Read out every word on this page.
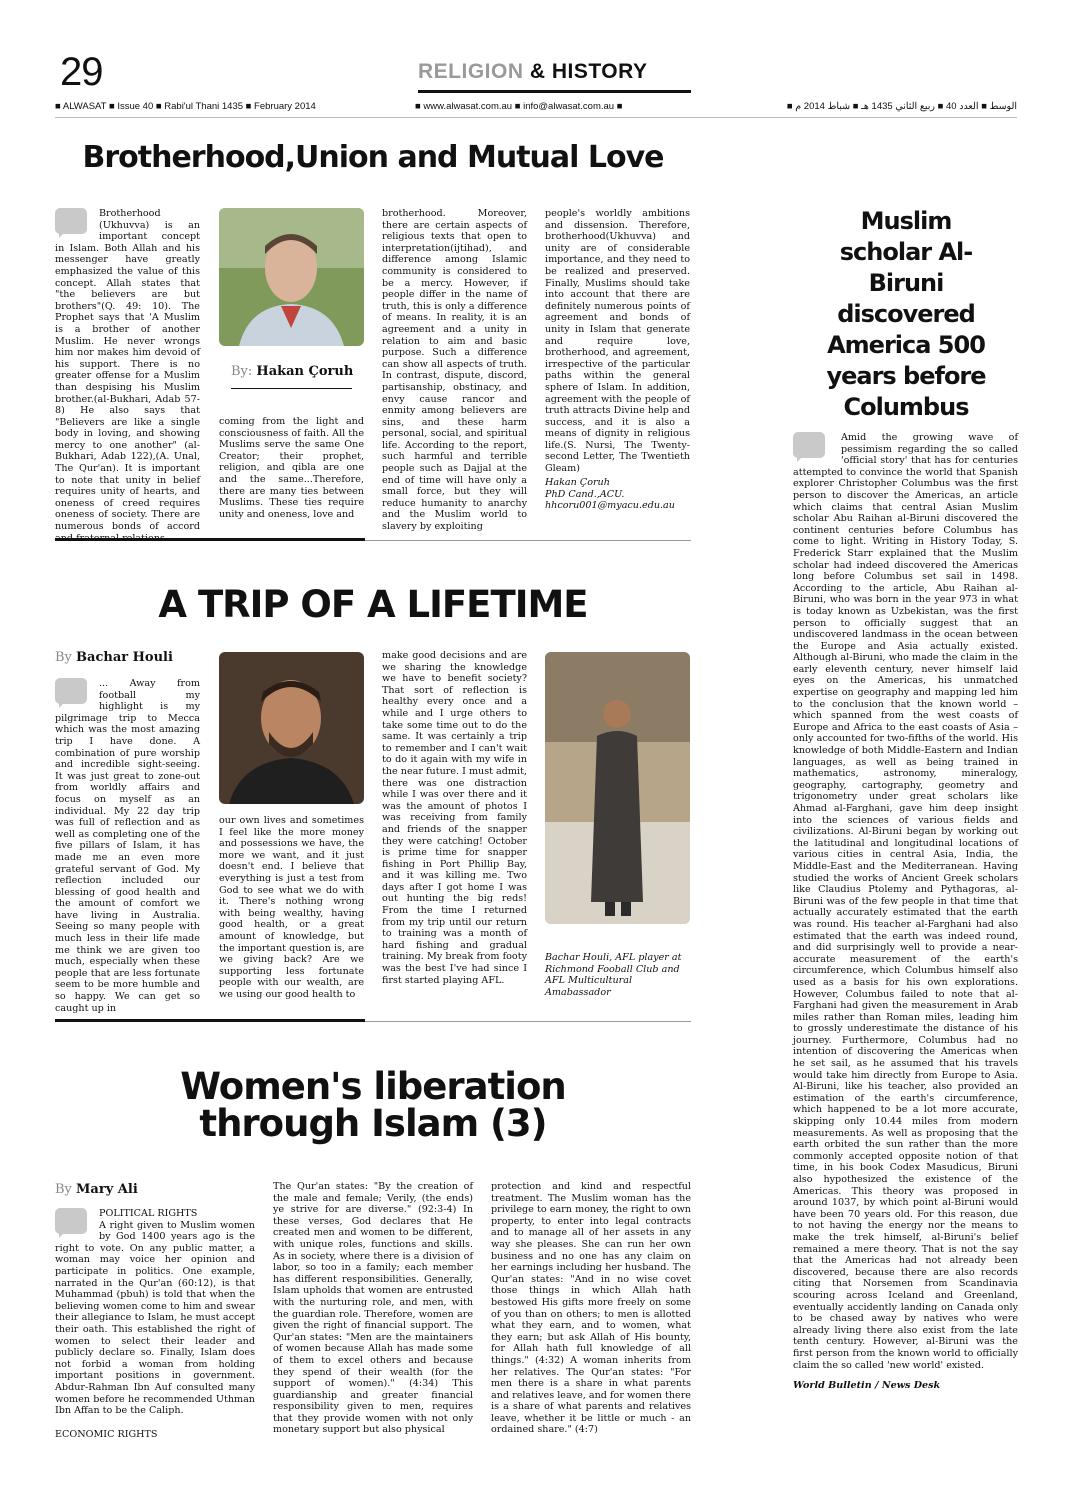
29	RELIGION & HISTORY
■ ALWASAT ■ Issue 40 ■ Rabi'ul Thani 1435 ■ February 2014	■ www.alwasat.com.au ■ info@alwasat.com.au ■	الوسط ■ العدد 40 ■ ربيع الثاني 1435 هـ ■ شباط 2014 م ■
Brotherhood,Union and Mutual Love

Brotherhood (Ukhuvva) is an important concept in Islam. Both Allah and his messenger have greatly emphasized the value of this concept. Allah states that "the believers are but brothers"(Q. 49: 10). The Prophet says that 'A Muslim is a brother of another Muslim. He never wrongs him nor makes him devoid of his support. There is no greater offense for a Muslim than despising his Muslim brother.(al-Bukhari, Adab 57-8) He also says that "Believers are like a single body in loving, and showing mercy to one another" (al-Bukhari, Adab 122),(A. Unal, The Qur'an). It is important to note that unity in belief requires unity of hearts, and oneness of creed requires oneness of society. There are numerous bonds of accord

By: Hakan Çoruh
coming from the light and consciousness of faith. All the Muslims serve the same One Creator; their prophet, religion, and qibla are one and the same...Therefore, there are many ties between Muslims. These ties require unity and oneness, love and
brotherhood. Moreover, there are certain aspects of religious texts that open to interpretation(ijtihad), and difference among Islamic community is considered to be a mercy. However, if people differ in the name of truth, this is only a difference of means. In reality, it is an agreement and a unity in relation to aim and basic purpose. Such a difference can show all aspects of truth. In contrast, dispute, discord, partisanship, obstinacy, and envy cause rancor and enmity among believers are sins, and these harm personal, social, and spiritual life. According to the report, such harmful and terrible people such as Dajjal at the end of time will have only a small force, but they will reduce humanity to anarchy and the Muslim world to slavery by exploiting
people's worldly ambitions and dissension. Therefore, brotherhood(Ukhuvva) and unity are of considerable importance, and they need to be realized and preserved. Finally, Muslims should take into account that there are definitely numerous points of agreement and bonds of unity in Islam that generate and require love, brotherhood, and agreement, irrespective of the particular paths within the general sphere of Islam. In addition, agreement with the people of truth attracts Divine help and success, and it is also a means of dignity in religious life.(S. Nursi, The Twenty-second Letter, The Twentieth Gleam)
Hakan Çoruh
PhD Cand.,ACU.
hhcoru001@myacu.edu.au
A TRIP OF A LIFETIME
By Bachar Houli

... Away from football my highlight is my pilgrimage trip to Mecca which was the most amazing trip I have done. A combination of pure worship and incredible sight-seeing. It was just great to zone-out from worldly affairs and focus on myself as an individual. My 22 day trip was full of reflection and as well as completing one of the five pillars of Islam, it has made me an even more grateful servant of God. My reflection included our blessing of good health and the amount of comfort we have living in Australia. Seeing so many people with much less in their life made me think we are given too much, especially when these people that are less fortunate seem to be more humble and so happy. We can get so caught up in

our own lives and sometimes I feel like the more money and possessions we have, the more we want, and it just doesn't end. I believe that everything is just a test from God to see what we do with it. There's nothing wrong with being wealthy, having good health, or a great amount of knowledge, but the important question is, are we giving back? Are we supporting less fortunate people with our wealth, are we using our good health to
make good decisions and are we sharing the knowledge we have to benefit society? That sort of reflection is healthy every once and a while and I urge others to take some time out to do the same. It was certainly a trip to remember and I can't wait to do it again with my wife in the near future. I must admit, there was one distraction while I was over there and it was the amount of photos I was receiving from family and friends of the snapper they were catching! October is prime time for snapper fishing in Port Phillip Bay, and it was killing me. Two days after I got home I was out hunting the big reds! From the time I returned from my trip until our return to training was a month of hard fishing and gradual training. My break from footy was the best I've had since I first started playing AFL.
Bachar Houli, AFL player at Richmond Fooball Club and AFL Multicultural Amabassador
Women's liberation
through Islam (3)
By Mary Ali
POLITICAL RIGHTS

A right given to Muslim women by God 1400 years ago is the right to vote. On any public matter, a woman may voice her opinion and participate in politics. One example, narrated in the Qur'an (60:12), is that Muhammad (pbuh) is told that when the believing women come to him and swear their allegiance to Islam, he must accept their oath. This established the right of women to select their leader and publicly declare so. Finally, Islam does not forbid a woman from holding important positions in government. Abdur-Rahman Ibn Auf consulted many women before he recommended Uthman Ibn Affan to be the Caliph.

ECONOMIC RIGHTS
The Qur'an states: "By the creation of the male and female; Verily, (the ends) ye strive for are diverse." (92:3-4) In these verses, God declares that He created men and women to be different, with unique roles, functions and skills. As in society, where there is a division of labor, so too in a family; each member has different responsibilities. Generally, Islam upholds that women are entrusted with the nurturing role, and men, with the guardian role. Therefore, women are given the right of financial support. The Qur'an states: "Men are the maintainers of women because Allah has made some of them to excel others and because they spend of their wealth (for the support of women)." (4:34) This guardianship and greater financial responsibility given to men, requires that they provide women with not only monetary support but also physical
protection and kind and respectful treatment. The Muslim woman has the privilege to earn money, the right to own property, to enter into legal contracts and to manage all of her assets in any way she pleases. She can run her own business and no one has any claim on her earnings including her husband. The Qur'an states: "And in no wise covet those things in which Allah hath bestowed His gifts more freely on some of you than on others; to men is allotted what they earn, and to women, what they earn; but ask Allah of His bounty, for Allah hath full knowledge of all things." (4:32) A woman inherits from her relatives. The Qur'an states: "For men there is a share in what parents and relatives leave, and for women there is a share of what parents and relatives leave, whether it be little or much - an ordained share." (4:7)
Muslim scholar Al-Biruni discovered America 500 years before Columbus

Amid the growing wave of pessimism regarding the so called 'official story' that has for centuries attempted to convince the world that Spanish explorer Christopher Columbus was the first person to discover the Americas, an article which claims that central Asian Muslim scholar Abu Raihan al-Biruni discovered the continent centuries before Columbus has come to light. Writing in History Today, S. Frederick Starr explained that the Muslim scholar had indeed discovered the Americas long before Columbus set sail in 1498. According to the article, Abu Raihan al-Biruni, who was born in the year 973 in what is today known as Uzbekistan, was the first person to officially suggest that an undiscovered landmass in the ocean between the Europe and Asia actually existed. Although al-Biruni, who made the claim in the early eleventh century, never himself laid eyes on the Americas, his unmatched expertise on geography and mapping led him to the conclusion that the known world – which spanned from the west coasts of Europe and Africa to the east coasts of Asia – only accounted for two-fifths of the world. His knowledge of both Middle-Eastern and Indian languages, as well as being trained in mathematics, astronomy, mineralogy, geography, cartography, geometry and trigonometry under great scholars like Ahmad al-Farghani, gave him deep insight into the sciences of various fields and civilizations. Al-Biruni began by working out the latitudinal and longitudinal locations of various cities in central Asia, India, the Middle-East and the Mediterranean. Having studied the works of Ancient Greek scholars like Claudius Ptolemy and Pythagoras, al-Biruni was of the few people in that time that actually accurately estimated that the earth was round. His teacher al-Farghani had also estimated that the earth was indeed round, and did surprisingly well to provide a near-accurate measurement of the earth's circumference, which Columbus himself also used as a basis for his own explorations. However, Columbus failed to note that al-Farghani had given the measurement in Arab miles rather than Roman miles, leading him to grossly underestimate the distance of his journey. Furthermore, Columbus had no intention of discovering the Americas when he set sail, as he assumed that his travels would take him directly from Europe to Asia. Al-Biruni, like his teacher, also provided an estimation of the earth's circumference, which happened to be a lot more accurate, skipping only 10.44 miles from modern measurements. As well as proposing that the earth orbited the sun rather than the more commonly accepted opposite notion of that time, in his book Codex Masudicus, Biruni also hypothesized the existence of the Americas. This theory was proposed in around 1037, by which point al-Biruni would have been 70 years old. For this reason, due to not having the energy nor the means to make the trek himself, al-Biruni's belief remained a mere theory. That is not the say that the Americas had not already been discovered, because there are also records citing that Norsemen from Scandinavia scouring across Iceland and Greenland, eventually accidently landing on Canada only to be chased away by natives who were already living there also exist from the late tenth century. However, al-Biruni was the first person from the known world to officially claim the so called 'new world' existed.

World Bulletin / News Desk
